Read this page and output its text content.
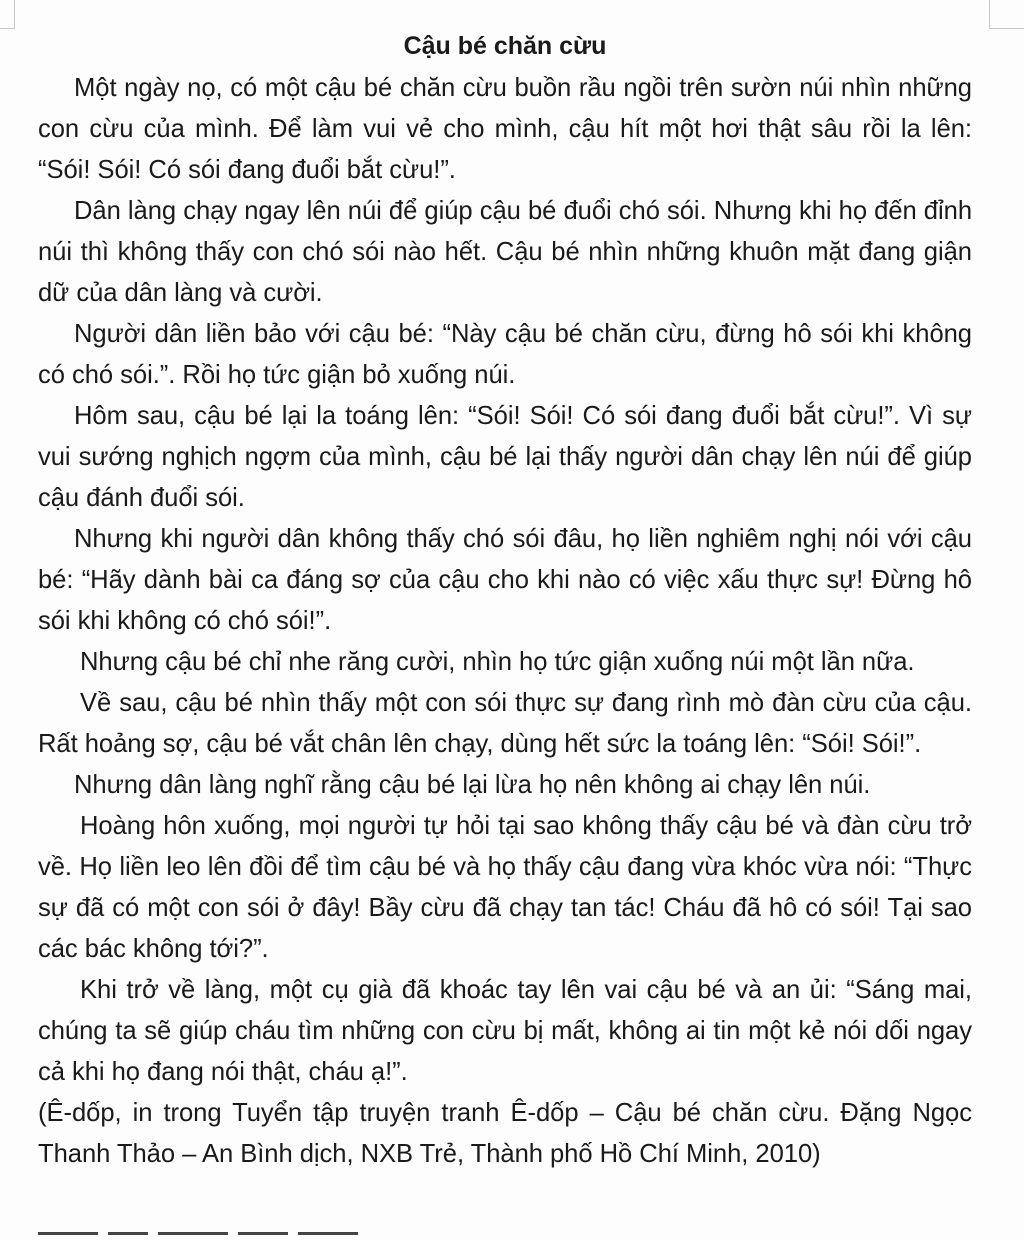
Cậu bé chăn cừu

Một ngày nọ, có một cậu bé chăn cừu buồn rầu ngồi trên sườn núi nhìn những con cừu của mình. Để làm vui vẻ cho mình, cậu hít một hơi thật sâu rồi la lên: “Sói! Sói! Có sói đang đuổi bắt cừu!”.

Dân làng chạy ngay lên núi để giúp cậu bé đuổi chó sói. Nhưng khi họ đến đỉnh núi thì không thấy con chó sói nào hết. Cậu bé nhìn những khuôn mặt đang giận dữ của dân làng và cười.

Người dân liền bảo với cậu bé: “Này cậu bé chăn cừu, đừng hô sói khi không có chó sói.”. Rồi họ tức giận bỏ xuống núi.

Hôm sau, cậu bé lại la toáng lên: “Sói! Sói! Có sói đang đuổi bắt cừu!”. Vì sự vui sướng nghịch ngợm của mình, cậu bé lại thấy người dân chạy lên núi để giúp cậu đánh đuổi sói.

Nhưng khi người dân không thấy chó sói đâu, họ liền nghiêm nghị nói với cậu bé: “Hãy dành bài ca đáng sợ của cậu cho khi nào có việc xấu thực sự! Đừng hô sói khi không có chó sói!”.

Nhưng cậu bé chỉ nhe răng cười, nhìn họ tức giận xuống núi một lần nữa.

Về sau, cậu bé nhìn thấy một con sói thực sự đang rình mò đàn cừu của cậu. Rất hoảng sợ, cậu bé vắt chân lên chạy, dùng hết sức la toáng lên: “Sói! Sói!”.

Nhưng dân làng nghĩ rằng cậu bé lại lừa họ nên không ai chạy lên núi.

Hoàng hôn xuống, mọi người tự hỏi tại sao không thấy cậu bé và đàn cừu trở về. Họ liền leo lên đồi để tìm cậu bé và họ thấy cậu đang vừa khóc vừa nói: “Thực sự đã có một con sói ở đây! Bầy cừu đã chạy tan tác! Cháu đã hô có sói! Tại sao các bác không tới?”.

Khi trở về làng, một cụ già đã khoác tay lên vai cậu bé và an ủi: “Sáng mai, chúng ta sẽ giúp cháu tìm những con cừu bị mất, không ai tin một kẻ nói dối ngay cả khi họ đang nói thật, cháu ạ!”.

(Ê-dốp, in trong Tuyển tập truyện tranh Ê-dốp – Cậu bé chăn cừu. Đặng Ngọc Thanh Thảo – An Bình dịch, NXB Trẻ, Thành phố Hồ Chí Minh, 2010)
